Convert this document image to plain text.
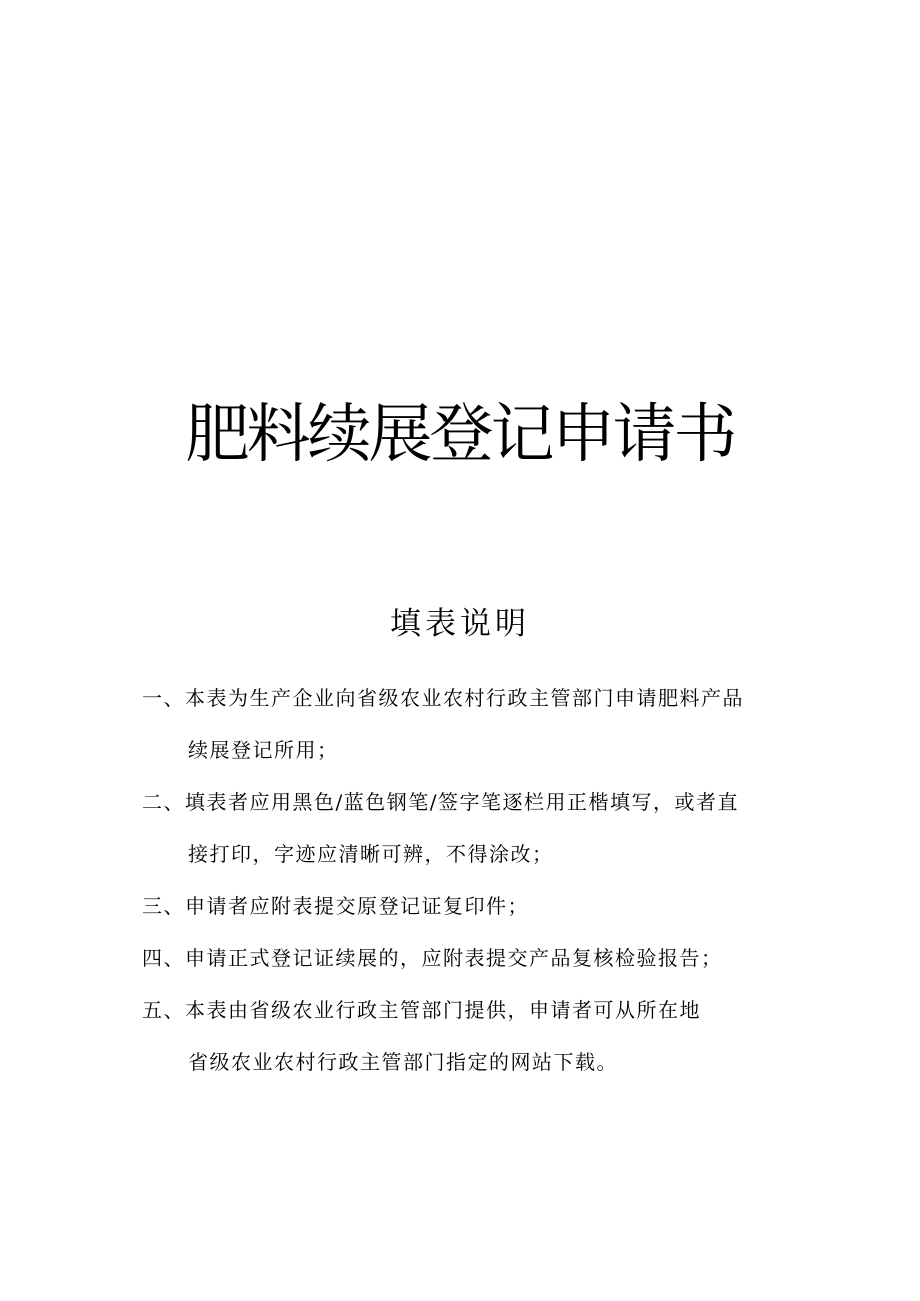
肥料续展登记申请书
填表说明
一、本表为生产企业向省级农业农村行政主管部门申请肥料产品
续展登记所用；
二、填表者应用黑色/蓝色钢笔/签字笔逐栏用正楷填写，或者直
接打印，字迹应清晰可辨，不得涂改；
三、申请者应附表提交原登记证复印件；
四、申请正式登记证续展的，应附表提交产品复核检验报告；
五、本表由省级农业行政主管部门提供，申请者可从所在地
省级农业农村行政主管部门指定的网站下载。
